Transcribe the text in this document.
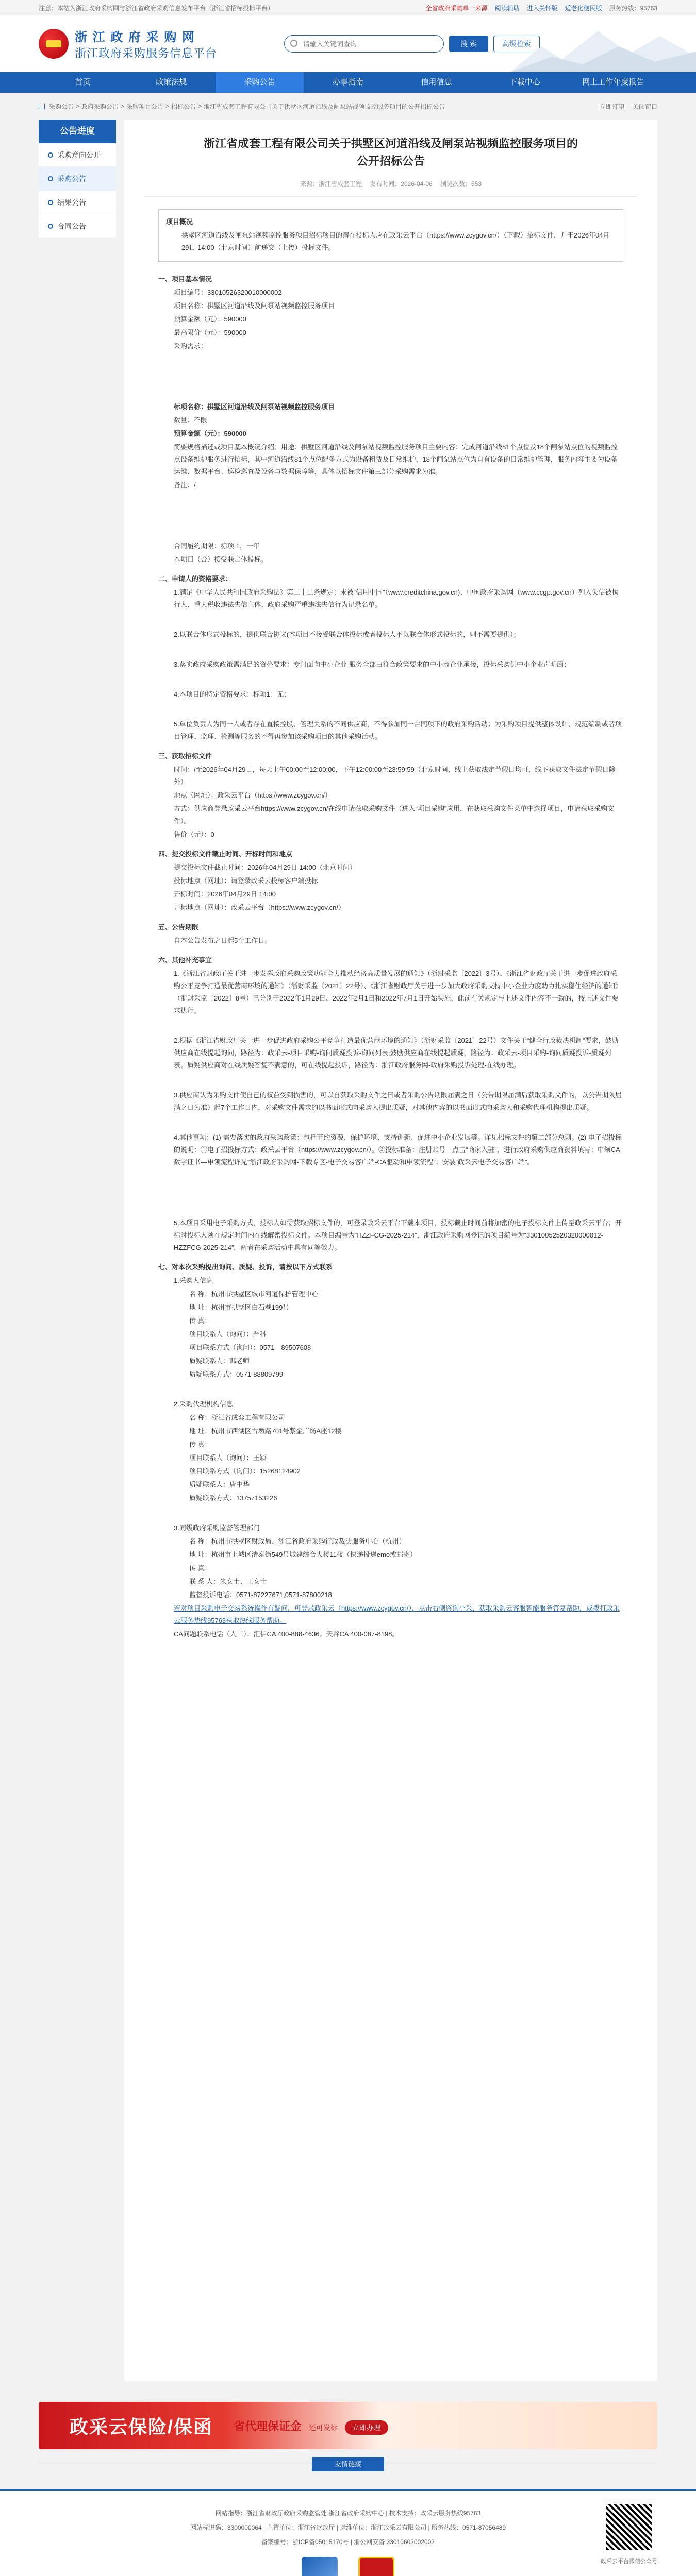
注意：本站为浙江政府采购网与浙江省政府采购信息发布平台（浙江省招标投标平台）	全省政府采购单一来源 阅读辅助 进入关怀版 适老化便民版 服务热线：95763
浙 江 政 府 采 购 网
浙江政府采购服务信息平台
请输入关键词查询
搜 索	高级检索
首页	政策法规	采购公告	办事指南	信用信息	下载中心	网上工作年度报告
采购公告 > 政府采购公告 > 采购项目公告 > 招标公告 > 浙江省成套工程有限公司关于拱墅区河道沿线及闸泵站视频监控服务项目的公开招标公告	立即打印 关闭窗口
公告进度
采购意向公开
采购公告
结果公告
合同公告
浙江省成套工程有限公司关于拱墅区河道沿线及闸泵站视频监控服务项目的
公开招标公告
来源：浙江省成套工程 发布时间：2026-04-06 浏览次数：553
项目概况

拱墅区河道沿线及闸泵站视频监控服务项目招标项目的潜在投标人应在政采云平台（https://www.zcygov.cn/）（下载）招标文件，并于2026年04月29日 14:00（北京时间）前递交（上传）投标文件。

一、项目基本情况

项目编号：33010526320010000002

项目名称：拱墅区河道沿线及闸泵站视频监控服务项目

预算金额（元）：590000

最高限价（元）：590000

采购需求：

标项名称：拱墅区河道沿线及闸泵站视频监控服务项目

数量：不限

预算金额（元）：590000

简要规格描述或项目基本概况介绍、用途：拱墅区河道沿线及闸泵站视频监控服务项目主要内容：完成河道沿线81个点位及18个闸泵站点位的视频监控点设备维护服务进行招标，其中河道沿线81个点位配备方式为设备租赁及日常维护，18个闸泵站点位为自有设备的日常维护管理，服务内容主要为设备运维、数据平台、巡检巡查及设备与数据保障等，具体以招标文件第三部分采购需求为准。

备注：/

合同履约期限：标项 1，一年

本项目（否）接受联合体投标。

二、申请人的资格要求：

1.满足《中华人民共和国政府采购法》第二十二条规定；未被“信用中国”（www.creditchina.gov.cn)、中国政府采购网（www.ccgp.gov.cn）列入失信被执行人、重大税收违法失信主体、政府采购严重违法失信行为记录名单。

2.以联合体形式投标的，提供联合协议(本项目不接受联合体投标或者投标人不以联合体形式投标的，则不需要提供）；

3.落实政府采购政策需满足的资格要求：专门面向中小企业-服务全部由符合政策要求的中小商企业承接，投标采购供中小企业声明函；

4.本项目的特定资格要求：标项1：无；

5.单位负责人为同一人或者存在直接控股、管理关系的不同供应商，不得参加同一合同项下的政府采购活动；为采购项目提供整体设计、规范编制或者项目管理、监理、检测等服务的不得再参加该采购项目的其他采购活动。

三、获取招标文件

时间：/至2026年04月29日，每天上午00:00至12:00:00，下午12:00:00至23:59:59（北京时间，线上获取法定节假日均可，线下获取文件法定节假日除外）

地点（网址）：政采云平台（https://www.zcygov.cn/）

方式：供应商登录政采云平台https://www.zcygov.cn/在线申请获取采购文件（进入“项目采购”应用，在获取采购文件菜单中选择项目，申请获取采购文件）。

售价（元）：0

四、提交投标文件截止时间、开标时间和地点

提交投标文件截止时间：2026年04月29日 14:00（北京时间）

投标地点（网址）：请登录政采云投标客户端投标

开标时间：2026年04月29日 14:00

开标地点（网址）：政采云平台（https://www.zcygov.cn/）

五、公告期限

自本公告发布之日起5个工作日。

六、其他补充事宜

1.《浙江省财政厅关于进一步发挥政府采购政策功能全力推动经济高质量发展的通知》（浙财采监〔2022〕3号）、《浙江省财政厅关于进一步促进政府采购公平竞争打造最优营商环境的通知》（浙财采监〔2021〕22号）、《浙江省财政厅关于进一步加大政府采购支持中小企业力度助力扎实稳住经济的通知》（浙财采监〔2022〕8号）已分别于2022年1月29日、2022年2月1日和2022年7月1日开始实施，此前有关规定与上述文件内容不一致的，按上述文件要求执行。

2.根据《浙江省财政厅关于进一步促进政府采购公平竞争打造最优营商环境的通知》（浙财采监〔2021〕22号）文件关于“健全行政裁决机制”要求，鼓励供应商在线提起询问，路径为：政采云-项目采购-询问质疑投诉-询问列表;鼓励供应商在线提起质疑，路径为：政采云-项目采购-询问质疑投诉-质疑列表。质疑供应商对在线质疑答复不满意的，可在线提起投诉，路径为：浙江政府服务网-政府采购投诉处理-在线办理。

3.供应商认为采购文件使自己的权益受到损害的，可以自获取采购文件之日或者采购公告期限届满之日（公告期限届满后获取采购文件的，以公告期限届满之日为准）起7个工作日内，对采购文件需求的以书面形式向采购人提出质疑，对其他内容的以书面形式向采购人和采购代理机构提出质疑。

4.其他事项：(1) 需要落实的政府采购政策：包括节约资源、保护环境、支持创新、促进中小企业发展等。详见招标文件的第二部分总则。(2) 电子招投标的说明：①电子招投标方式：政采云平台（https://www.zcygov.cn/）。②投标准备：注册账号—点击“商家入驻”，进行政府采购供应商资料填写；申领CA数字证书—申领流程详见“浙江政府采购网-下载专区-电子交易客户端-CA驱动和申领流程”；安装“政采云电子交易客户端”。

5.本项目采用电子采购方式，投标人如需获取招标文件的，可登录政采云平台下载本项目，投标截止时间前将加密的电子投标文件上传至政采云平台；开标时投标人须在规定时间内在线解密投标文件。本项目编号为“HZZFCG-2025-214”，浙江政府采购网登记的项目编号为“33010052520320000012-HZZFCG-2025-214”，两者在采购活动中具有同等效力。

七、对本次采购提出询问、质疑、投诉，请按以下方式联系

1.采购人信息

名 称：杭州市拱墅区城市河道保护管理中心

地 址：杭州市拱墅区白石巷199号

传 真：

项目联系人（询问）：严科

项目联系方式（询问）：0571—89507608

质疑联系人：韩老师

质疑联系方式：0571-88809799

2.采购代理机构信息

名 称：浙江省成套工程有限公司

地 址：杭州市西湖区古墩路701号紫金广场A座12楼

传 真：

项目联系人（询问）：王颖

项目联系方式（询问）：15268124902

质疑联系人：唐中华

质疑联系方式：13757153226

3.同级政府采购监督管理部门

名 称：杭州市拱墅区财政局、浙江省政府采购行政裁决服务中心（杭州）

地 址：杭州市上城区清泰街549号城建综合大楼11楼（快递投递emo或邮寄）

传 真：

联 系 人：朱女士、王女士

监督投诉电话：0571-87227671,0571-87800218

若对项目采购电子交易系统操作有疑问，可登录政采云（https://www.zcygov.cn/），点击右侧咨询小采，获取采购云客服智能服务答复帮助，或拨打政采云服务热线95763获取热线服务帮助。

CA问题联系电话（人工）：汇信CA 400-888-4636；天谷CA 400-087-8198。

政采云保险/保函 省代理保证金 还可发标 立即办理
友情链接

网站指导：浙江省财政厅政府采购监管处 浙江省政府采购中心 | 技术支持：政采云服务热线95763

网站标识码：3300000064 | 主管单位：浙江省财政厅 | 运维单位：浙江政采云有限公司 | 服务热线：0571-87056489

备案编号：浙ICP备05015170号 | 浙公网安备 33010602002002

政采云平台微信公众号
